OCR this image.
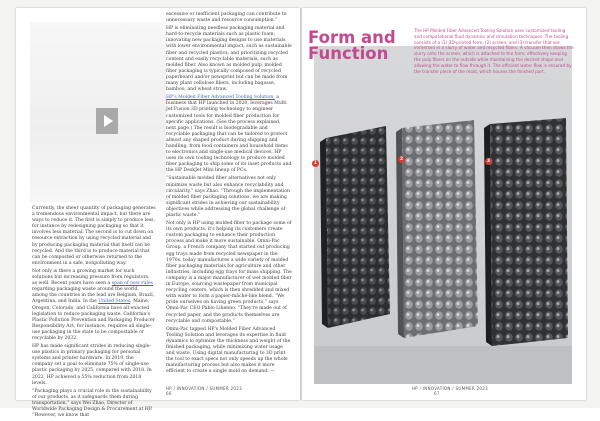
Currently, the sheer quantity of packaging generates a tremendous environmental impact, but there are ways to reduce it. The first is simply to produce less, for instance by redesigning packaging so that it involves less material. The second is to cut down on resource extraction by using recycled material and by producing packaging material that itself can be recycled. And the third is to produce material that can be composted or otherwise returned to the environment in a safe, nonpolluting way.

Not only is there a growing market for such solutions but increasing pressure from regulators, as well. Recent years have seen a span of new rules regarding packaging waste around the world, among the countries in the lead are Belgium, Brazil, Argentina, and India. In the United States, Maine, Oregon, Colorado, and California have all enacted legislation to reduce packaging waste. California's Plastic Pollution Prevention and Packaging Producer Responsibility Act, for instance, requires all single-use packaging in the state to be compostable or recyclable by 2032.

HP has made significant strides in reducing single-use plastics in primary packaging for personal systems and printer hardware. In 2019, the company set a goal to eliminate 75% of single-use plastic packaging by 2025, compared with 2018. In 2022, HP achieved a 55% reduction from 2018 levels.

“Packaging plays a crucial role in the sustainability of our products, as it safeguards them during transportation,” says Wei Zhao, Director of Worldwide Packaging Design & Procurement at HP. “However, we know that

excessive or inefficient packaging can contribute to unnecessary waste and resource consumption.”

HP is eliminating needless packaging material and hard-to-recycle materials such as plastic foam; innovating new packaging designs to use materials with lower environmental impact, such as sustainable fiber and recycled plastics; and prioritizing recycled content and easily recyclable materials, such as molded fiber. Also known as molded pulp, molded fiber packaging is typically composed of recycled paperboard and/or newsprint but can be made from many plant cellulose fibers, including bagasse, bamboo, and wheat straw.

HP's Molded Fiber Advanced Tooling Solution, a business that HP launched in 2020, leverages Multi Jet Fusion 3D printing technology to engineer customized tools for molded fiber production for specific applications. (See the process explained, next page.) The result is biodegradable and recyclable packaging that can be tailored to protect almost any shaped product during shipping and handling, from food containers and household items to electronics and single-use medical devices. HP uses its own tooling technology to produce molded fiber packaging to ship some of its inset products and the HP DeskJet Mini lineup of PCs.

“Sustainable molded fiber alternatives not only minimize waste but also enhance recyclability and circularity,” says Zhao. “Through the implementation of molded fiber packaging solutions, we are making significant strides in achieving our sustainability objectives while addressing the global challenge of plastic waste.”

Not only is HP using molded fiber to package some of its own products, it's helping its customers create custom packaging to enhance their production process and make it more sustainable. Omni-Pac Group, a French company that started out producing egg trays made from recycled newspaper in the 1970s, today manufactures a wide variety of molded fiber packaging materials for agriculture and other industries, including egg trays for mass shipping. The company is a major manufacturer of wet molded fiber in Europe, sourcing wastepaper from municipal recycling centers, which is then shredded and mixed with water to form a papier-mâché-like blend. “We pride ourselves on having green products,” says Omni-Pac CEO Pablo Lilienno. “They're made out of recycled paper, and the products themselves are recyclable and compostable.”

Omni-Pac tapped HP's Molded Fiber Advanced Tooling Solution and leverages its expertise in fluid dynamics to optimize the thickness and weight of the finished packaging, while minimizing water usage and waste. Using digital manufacturing to 3D print the tool to exact specs not only speeds up the whole manufacturing process but also makes it more efficient to create a single mold on demand. →

HP / INNOVATION / SUMMER 2023
66
Form and
Function
The HP Molded Fiber Advanced Tooling Solution uses customized tooling and computational fluid dynamics and simulation techniques. The tooling consists of a (1) 3D-printed form, (2) screen, and (3) transfer that are immersed in a slurry of water and recycled fibers. A vacuum then draws the slurry onto the screen, which is attached to the form, effectively keeping the pulp fibers on the outside while maintaining the desired shape and allowing the water to flow through it. The efficient water flow is ensured by the transfer piece of the mold, which houses the finished part.
1
2	3
HP / INNOVATION / SUMMER 2023
67
